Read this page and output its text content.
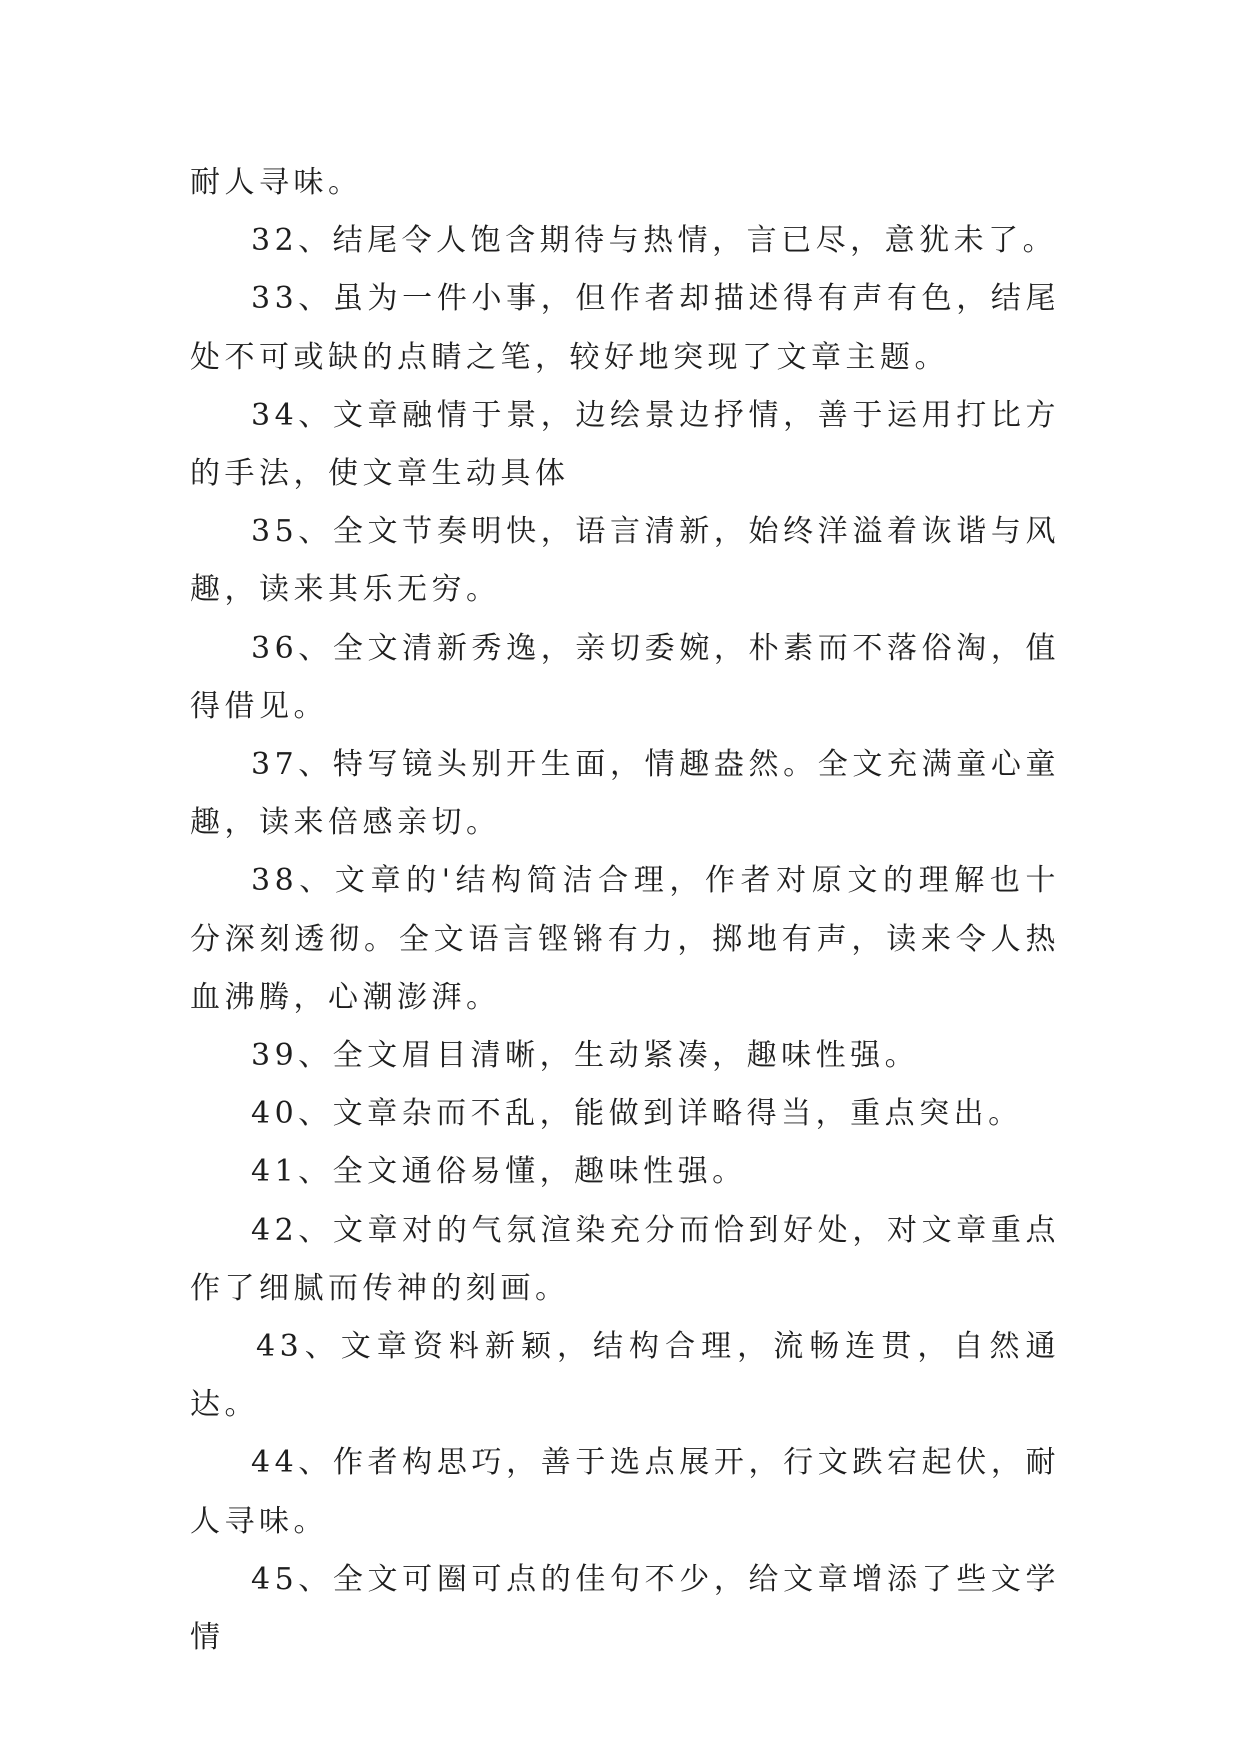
耐人寻味。

32、结尾令人饱含期待与热情，言已尽，意犹未了。

33、虽为一件小事，但作者却描述得有声有色，结尾处不可或缺的点睛之笔，较好地突现了文章主题。

34、文章融情于景，边绘景边抒情，善于运用打比方的手法，使文章生动具体

35、全文节奏明快，语言清新，始终洋溢着诙谐与风趣，读来其乐无穷。

36、全文清新秀逸，亲切委婉，朴素而不落俗淘，值得借见。

37、特写镜头别开生面，情趣盎然。全文充满童心童趣，读来倍感亲切。

38、文章的'结构简洁合理，作者对原文的理解也十分深刻透彻。全文语言铿锵有力，掷地有声，读来令人热血沸腾，心潮澎湃。

39、全文眉目清晰，生动紧凑，趣味性强。

40、文章杂而不乱，能做到详略得当，重点突出。

41、全文通俗易懂，趣味性强。

42、文章对的气氛渲染充分而恰到好处，对文章重点作了细腻而传神的刻画。

43、文章资料新颖，结构合理，流畅连贯，自然通达。

44、作者构思巧，善于选点展开，行文跌宕起伏，耐人寻味。

45、全文可圈可点的佳句不少，给文章增添了些文学情
